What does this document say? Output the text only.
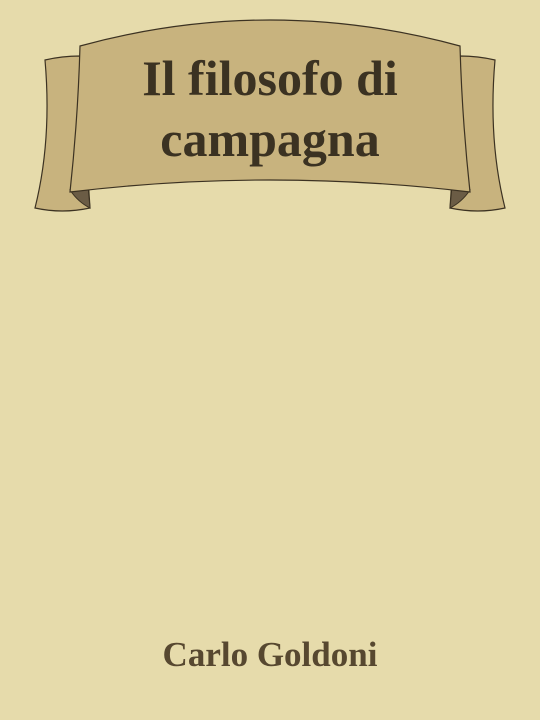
Il filosofo di campagna

Carlo Goldoni
